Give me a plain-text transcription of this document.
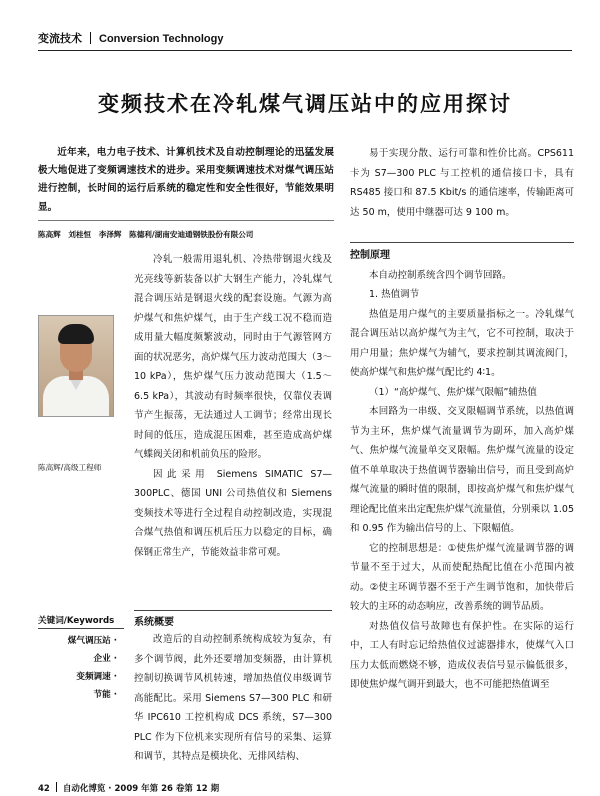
变流技术 Conversion Technology
变频技术在冷轧煤气调压站中的应用探讨

近年来，电力电子技术、计算机技术及自动控制理论的迅猛发展极大地促进了变频调速技术的进步。采用变频调速技术对煤气调压站进行控制，长时间的运行后系统的稳定性和安全性很好，节能效果明显。

陈高辉　刘桂恒　李泽辉　陈德利/湖南安迪通钢铁股份有限公司
陈高辉/高级工程师

冷轧一般需用退轧机、冷热带钢退火线及光亮线等新装备以扩大钢生产能力，冷轧煤气混合调压站是钢退火线的配套设施。气源为高炉煤气和焦炉煤气，由于生产线工况不稳而造成用量大幅度频繁波动，同时由于气源管网方面的状况恶劣，高炉煤气压力波动范围大（3～10 kPa），焦炉煤气压力波动范围大（1.5～6.5 kPa），其波动有时频率很快，仅靠仪表调节产生振荡，无法通过人工调节；经常出现长时间的低压，造成混压困难，甚至造成高炉煤气蝶阀关闭和机前负压的险形。

因此采用 Siemens SIMATIC S7—300PLC、德国 UNI 公司热值仪和 Siemens 变频技术等进行全过程自动控制改造，实现混合煤气热值和调压机后压力以稳定的目标，确保钢正常生产，节能效益非常可观。

关键词/Keywords
煤气调压站 ·
企业 ·
变频调速 ·
节能 ·
系统概要

改造后的自动控制系统构成较为复杂，有多个调节阀，此外还要增加变频器，由计算机控制切换调节风机转速，增加热值仪串级调节高能配比。采用 Siemens S7—300 PLC 和研华 IPC610 工控机构成 DCS 系统，S7—300 PLC 作为下位机来实现所有信号的采集、运算和调节，其特点是模块化、无排风结构、

易于实现分散、运行可靠和性价比高。CPS611 卡为 S7—300 PLC 与工控机的通信接口卡，具有 RS485 接口和 87.5 Kbit/s 的通信速率，传输距离可达 50 m，使用中继器可达 9 100 m。

控制原理

本自动控制系统含四个调节回路。

1. 热值调节

热值是用户煤气的主要质量指标之一。冷轧煤气混合调压站以高炉煤气为主气，它不可控制，取决于用户用量；焦炉煤气为辅气，要求控制其调流阀门，使高炉煤气和焦炉煤气配比约 4∶1。

（1）“高炉煤气、焦炉煤气限幅”辅热值

本回路为一串级、交叉限幅调节系统，以热值调节为主环，焦炉煤气流量调节为副环，加入高炉煤气、焦炉煤气流量单交叉限幅。焦炉煤气流量的设定值不单单取决于热值调节器输出信号，而且受到高炉煤气流量的瞬时值的限制，即按高炉煤气和焦炉煤气理论配比值来出定配焦炉煤气流量值，分别乘以 1.05 和 0.95 作为输出信号的上、下限幅值。

它的控制思想是：①使焦炉煤气流量调节器的调节量不至于过大，从而使配热配比值在小范围内被动。②使主环调节器不至于产生调节饱和，加快带后较大的主环的动态响应，改善系统的调节品质。

对热值仪信号故障也有保护性。在实际的运行中，工人有时忘记给热值仪过滤器排水，使煤气入口压力太低而燃烧不够，造成仪表信号显示偏低很多，即使焦炉煤气调开到最大，也不可能把热值调至

42 自动化博览 · 2009 年第 26 卷第 12 期
